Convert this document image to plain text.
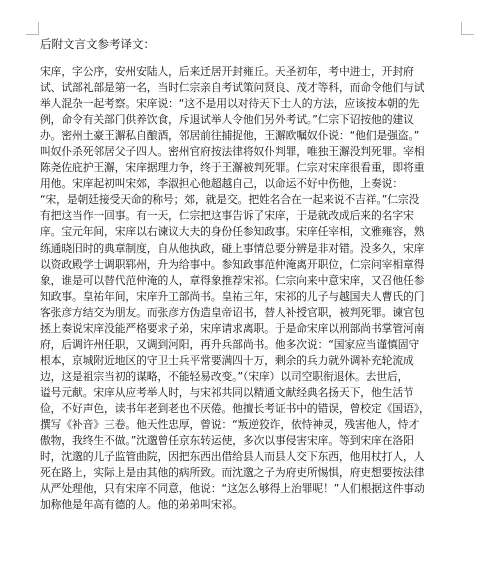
后附文言文参考译文：
宋庠，字公序，安州安陆人，后来迁居开封雍丘。天圣初年，考中进士，开封府
试、试部礼部是第一名，当时仁宗亲自考试策问贤良、茂才等科，而命令他们与试
举人混杂一起考察。宋庠说：“这不是用以对待天下士人的方法，应该按本朝的先
例，命令有关部门供养饮食，斥退试举人令他们另外考试。”仁宗下诏按他的建议
办。密州土豪王澥私自酿酒，邻居前往捕捉他，王澥欧嘱奴仆说：“他们是强盗。”
叫奴仆杀死邻居父子四人。密州官府按法律将奴仆判罪，唯独王澥没判死罪。宰相
陈尧佐庇护王澥，宋庠据理力争，终于王澥被判死罪。仁宗对宋庠很看重，即将重
用他。宋庠起初叫宋郊，李淑担心他超越自己，以命运不好中伤他，上奏说：
“宋，是朝廷接受天命的称号；郊，就是交。把姓名合在一起来说不吉祥。”仁宗没
有把这当作一回事。有一天，仁宗把这事告诉了宋庠，于是就改成后来的名字宋
庠。宝元年间，宋庠以右谏议大夫的身份任参知政事。宋庠任宰相，文雅雍容，熟
练通晓旧时的典章制度，自从他执政，碰上事情总要分辨是非对错。没多久，宋庠
以资政殿学士调职郓州，升为给事中。参知政事范仲淹离开职位，仁宗问宰相章得
象，谁是可以替代范仲淹的人，章得象推荐宋祁。仁宗向来中意宋庠，又召他任参
知政事。皇祐年间，宋庠升工部尚书。皇祐三年，宋祁的儿子与越国夫人曹氏的门
客张彦方结交为朋友。而张彦方伪造皇帝诏书，替人补授官职，被判死罪。谏官包
拯上奏说宋庠没能严格要求子弟，宋庠请求离职。于是命宋庠以刑部尚书掌管河南
府，后调许州任职，又调到河阳，再升兵部尚书。他多次说：“国家应当谨慎固守
根本，京城附近地区的守卫士兵平常要满四十万，剩余的兵力就外调补充轮流成
边，这是祖宗当初的谋略，不能轻易改变。”（宋庠）以司空职衔退休。去世后，
谥号元献。宋庠从应考举人时，与宋祁共同以精通文献经典名扬天下，他生活节
俭，不好声色，读书年老到老也不厌倦。他擅长考证书中的错误，曾校定《国语》，
撰写《补音》三卷。他天性忠厚，曾说：“叛逆狡诈，依恃神灵，残害他人，恃才
傲物，我终生不做。”沈邈曾任京东转运使，多次以事侵害宋庠。等到宋庠在洛阳
时，沈邈的儿子监管曲院，因把东西出借给县人而县人交下东西，他用杖打人，人
死在路上，实际上是由其他的病所致。而沈邈之子为府吏所惕惧，府吏想要按法律
从严处理他，只有宋庠不同意，他说：“这怎么够得上治罪呢！”人们根据这件事动
加称他是年高有德的人。他的弟弟叫宋祁。
